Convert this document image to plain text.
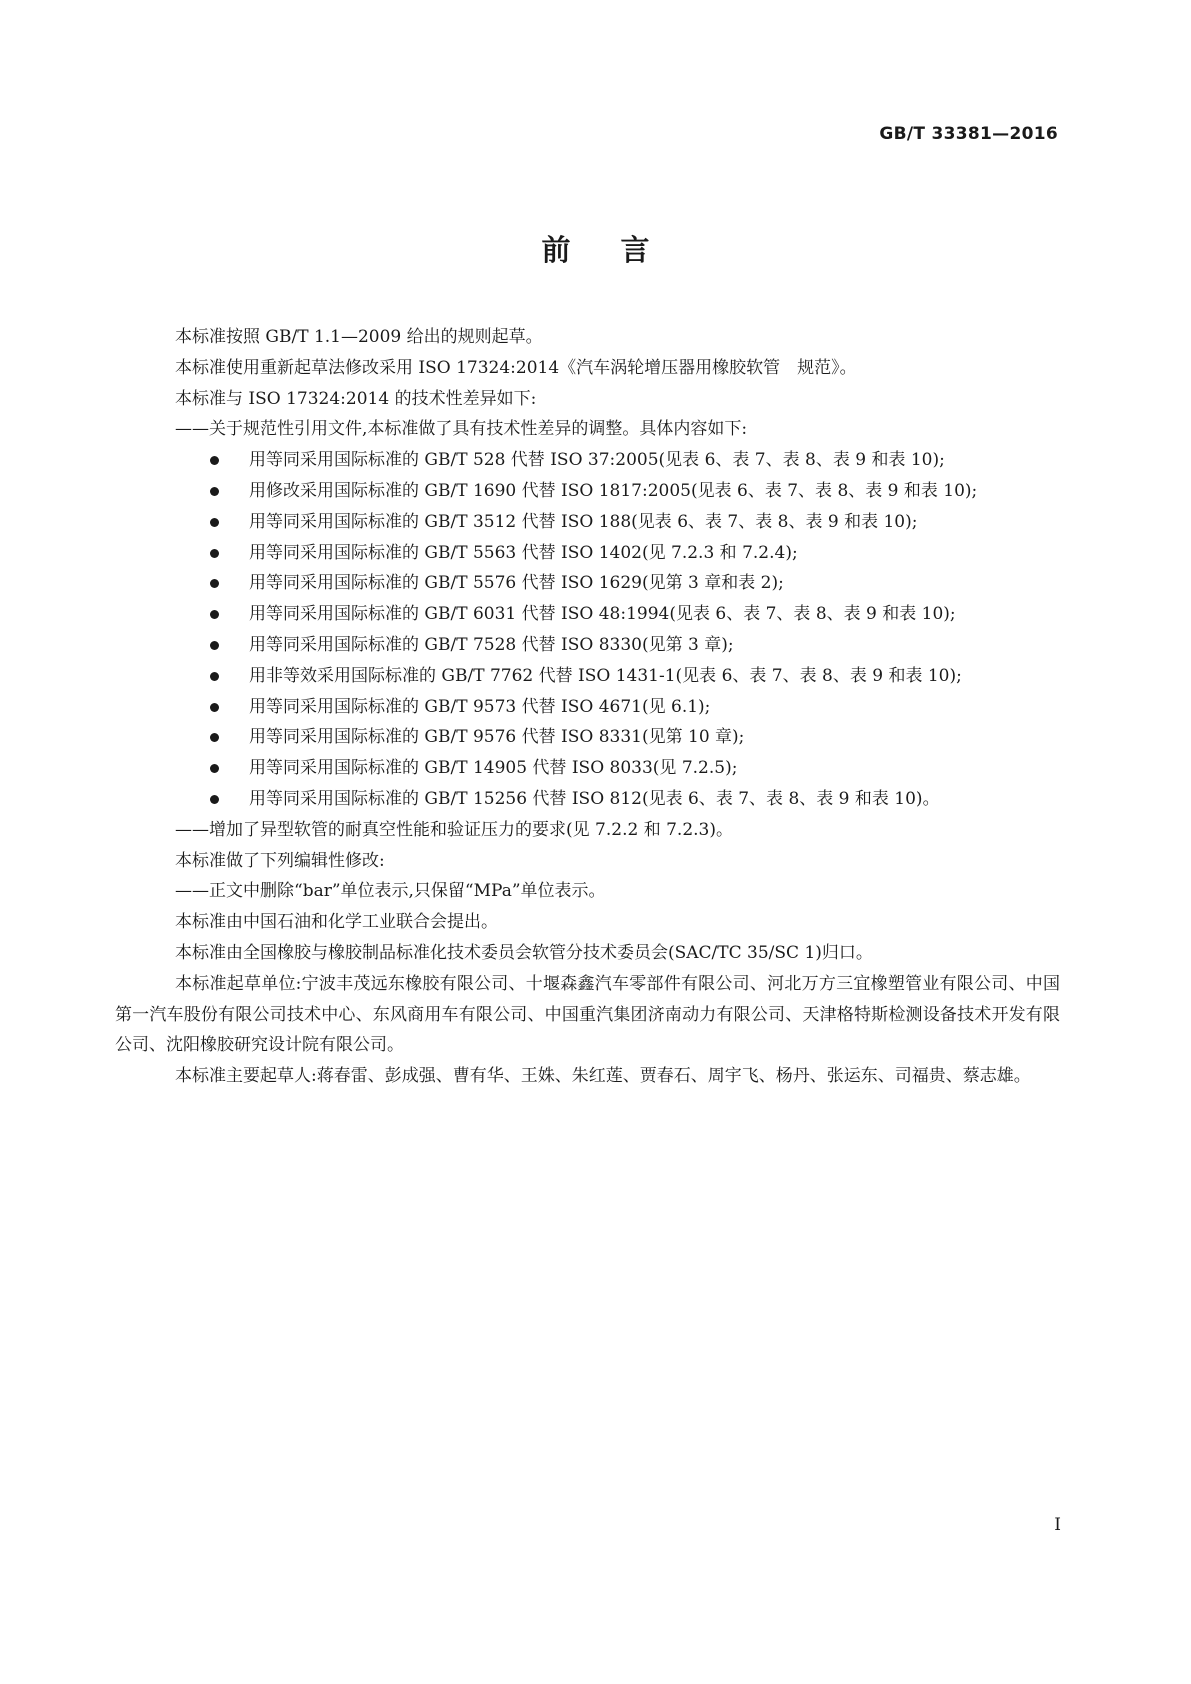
GB/T 33381—2016
前言

本标准按照 GB/T 1.1—2009 给出的规则起草。

本标准使用重新起草法修改采用 ISO 17324:2014《汽车涡轮增压器用橡胶软管　规范》。

本标准与 ISO 17324:2014 的技术性差异如下:

——关于规范性引用文件,本标准做了具有技术性差异的调整。具体内容如下:

用等同采用国际标准的 GB/T 528 代替 ISO 37:2005(见表 6、表 7、表 8、表 9 和表 10);
用修改采用国际标准的 GB/T 1690 代替 ISO 1817:2005(见表 6、表 7、表 8、表 9 和表 10);
用等同采用国际标准的 GB/T 3512 代替 ISO 188(见表 6、表 7、表 8、表 9 和表 10);
用等同采用国际标准的 GB/T 5563 代替 ISO 1402(见 7.2.3 和 7.2.4);
用等同采用国际标准的 GB/T 5576 代替 ISO 1629(见第 3 章和表 2);
用等同采用国际标准的 GB/T 6031 代替 ISO 48:1994(见表 6、表 7、表 8、表 9 和表 10);
用等同采用国际标准的 GB/T 7528 代替 ISO 8330(见第 3 章);
用非等效采用国际标准的 GB/T 7762 代替 ISO 1431-1(见表 6、表 7、表 8、表 9 和表 10);
用等同采用国际标准的 GB/T 9573 代替 ISO 4671(见 6.1);
用等同采用国际标准的 GB/T 9576 代替 ISO 8331(见第 10 章);
用等同采用国际标准的 GB/T 14905 代替 ISO 8033(见 7.2.5);
用等同采用国际标准的 GB/T 15256 代替 ISO 812(见表 6、表 7、表 8、表 9 和表 10)。

——增加了异型软管的耐真空性能和验证压力的要求(见 7.2.2 和 7.2.3)。

本标准做了下列编辑性修改:

——正文中删除“bar”单位表示,只保留“MPa”单位表示。

本标准由中国石油和化学工业联合会提出。

本标准由全国橡胶与橡胶制品标准化技术委员会软管分技术委员会(SAC/TC 35/SC 1)归口。

本标准起草单位:宁波丰茂远东橡胶有限公司、十堰森鑫汽车零部件有限公司、河北万方三宜橡塑管业有限公司、中国第一汽车股份有限公司技术中心、东风商用车有限公司、中国重汽集团济南动力有限公司、天津格特斯检测设备技术开发有限公司、沈阳橡胶研究设计院有限公司。

本标准主要起草人:蒋春雷、彭成强、曹有华、王姝、朱红莲、贾春石、周宇飞、杨丹、张运东、司福贵、蔡志雄。

I
